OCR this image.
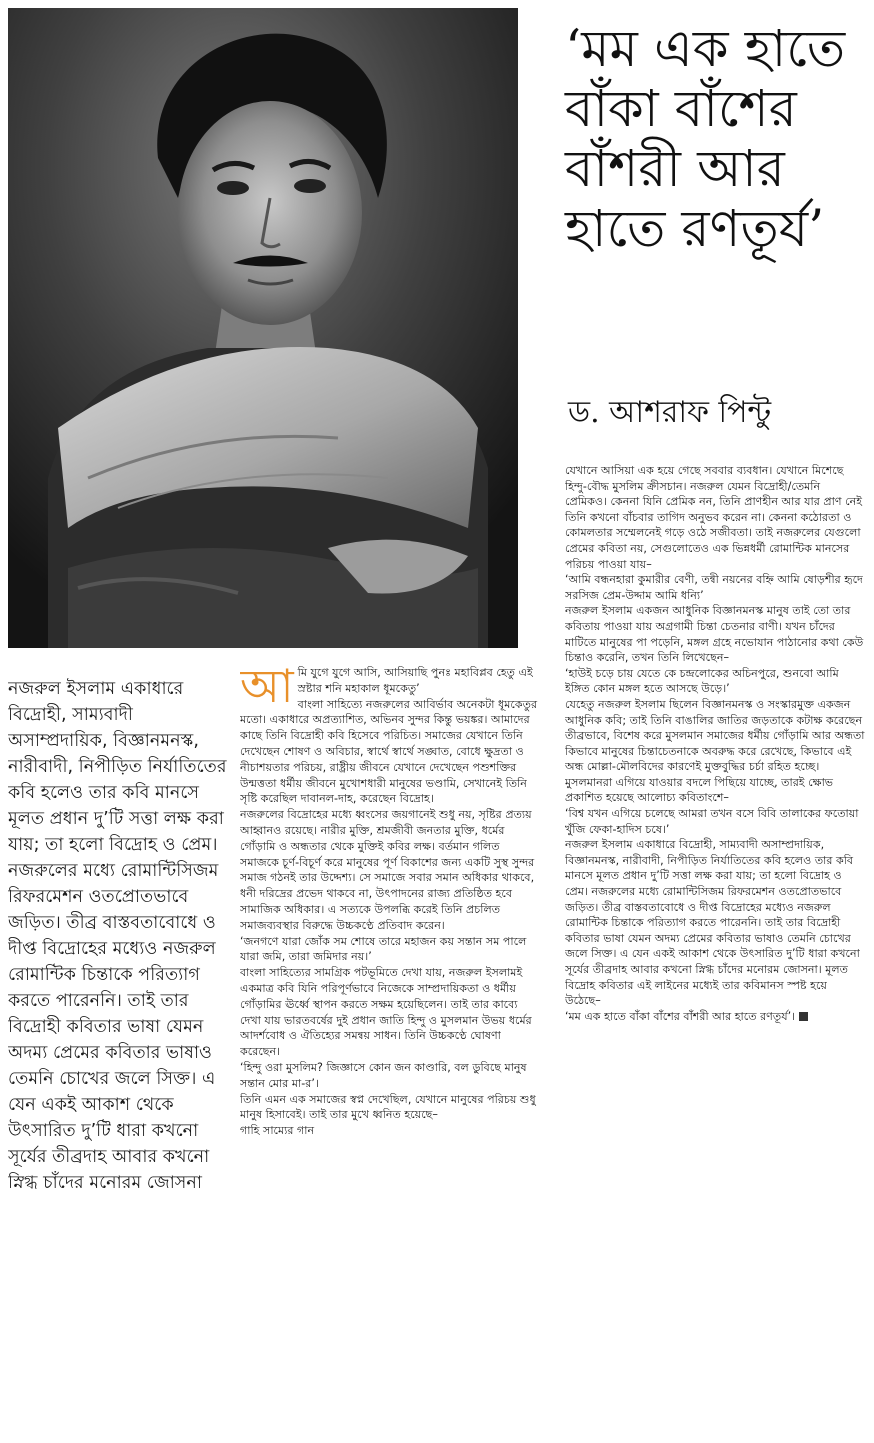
‘মম এক হাতে বাঁকা বাঁশের বাঁশরী আর হাতে রণতূর্য’
ড. আশরাফ পিন্টু

নজরুল ইসলাম একাধারে বিদ্রোহী, সাম্যবাদী অসাম্প্রদায়িক, বিজ্ঞানমনস্ক, নারীবাদী, নিপীড়িত নির্যাতিতের কবি হলেও তার কবি মানসে মূলত প্রধান দু’টি সত্তা লক্ষ করা যায়; তা হলো বিদ্রোহ ও প্রেম। নজরুলের মধ্যে রোমান্টিসিজম রিফরমেশন ওতপ্রোতভাবে জড়িত। তীব্র বাস্তবতাবোধে ও দীপ্ত বিদ্রোহের মধ্যেও নজরুল রোমান্টিক চিন্তাকে পরিত্যাগ করতে পারেননি। তাই তার বিদ্রোহী কবিতার ভাষা যেমন অদম্য প্রেমের কবিতার ভাষাও তেমনি চোখের জলে সিক্ত। এ যেন একই আকাশ থেকে উৎসারিত দু’টি ধারা কখনো সূর্যের তীব্রদাহ আবার কখনো স্নিগ্ধ চাঁদের মনোরম জোসনা

আ মি যুগে যুগে আসি, আসিয়াছি পুনঃ মহাবিপ্লব হেতু এই স্রষ্টার শনি মহাকাল ধূমকেতু’

বাংলা সাহিত্যে নজরুলের আবির্ভাব অনেকটা ধূমকেতুর মতো। একাধারে অপ্রত্যাশিত, অভিনব সুন্দর কিন্তু ভয়ঙ্কর। আমাদের কাছে তিনি বিদ্রোহী কবি হিসেবে পরিচিত। সমাজের যেখানে তিনি দেখেছেন শোষণ ও অবিচার, স্বার্থে স্বার্থে সঙ্ঘাত, বোধে ক্ষুদ্রতা ও নীচাশয়তার পরিচয়, রাষ্ট্রীয় জীবনে যেখানে দেখেছেন পশুশক্তির উন্মত্ততা ধর্মীয় জীবনে মুখোশধারী মানুষের ভণ্ডামি, সেখানেই তিনি সৃষ্টি করেছিল দাবানল-দাহ, করেছেন বিদ্রোহ।

নজরুলের বিদ্রোহের মধ্যে ধ্বংসের জয়গানেই শুধু নয়, সৃষ্টির প্রত্যয় আহ্বানও রয়েছে। নারীর মুক্তি, শ্রমজীবী জনতার মুক্তি, ধর্মের গোঁড়ামি ও অন্ধতার থেকে মুক্তিই কবির লক্ষ। বর্তমান গলিত সমাজকে চূর্ণ-বিচূর্ণ করে মানুষের পূর্ণ বিকাশের জন্য একটি সুস্থ সুন্দর সমাজ গঠনই তার উদ্দেশ্য। সে সমাজে সবার সমান অধিকার থাকবে, ধনী দরিদ্রের প্রভেদ থাকবে না, উৎপাদনের রাজ্য প্রতিষ্ঠিত হবে সামাজিক অধিকার। এ সত্যকে উপলব্ধি করেই তিনি প্রচলিত সমাজব্যবস্থার বিরুদ্ধে উচ্চকণ্ঠে প্রতিবাদ করেন।

‘জনগণে যারা জোঁক সম শোষে তারে মহাজন কয় সন্তান সম পালে যারা জমি, তারা জমিদার নয়।’

বাংলা সাহিত্যের সামগ্রিক পটভূমিতে দেখা যায়, নজরুল ইসলামই একমাত্র কবি যিনি পরিপূর্ণভাবে নিজেকে সাম্প্রদায়িকতা ও ধর্মীয় গোঁড়ামির ঊর্ধ্বে স্থাপন করতে সক্ষম হয়েছিলেন। তাই তার কাব্যে দেখা যায় ভারতবর্ষের দুই প্রধান জাতি হিন্দু ও মুসলমান উভয় ধর্মের আদর্শবোধ ও ঐতিহ্যের সমন্বয় সাধন। তিনি উচ্চকণ্ঠে ঘোষণা করেছেন।

‘হিন্দু ওরা মুসলিম? জিজ্ঞাসে কোন জন কাণ্ডারি, বল ডুবিছে মানুষ সন্তান মোর মা-র’।

তিনি এমন এক সমাজের স্বপ্ন দেখেছিল, যেখানে মানুষের পরিচয় শুধু মানুষ হিসাবেই। তাই তার মুখে ধ্বনিত হয়েছে–

গাহি সাম্যের গান

যেখানে আসিয়া এক হয়ে গেছে সববার ব্যবধান। যেখানে মিশেছে হিন্দু-বৌদ্ধ মুসলিম ক্রীসচান। নজরুল যেমন বিদ্রোহী/তেমনি প্রেমিকও। কেননা যিনি প্রেমিক নন, তিনি প্রাণহীন আর যার প্রাণ নেই তিনি কখনো বাঁচবার তাগিদ অনুভব করেন না। কেননা কঠোরতা ও কোমলতার সম্মেলনেই গড়ে ওঠে সজীবতা। তাই নজরুলের যেগুলো প্রেমের কবিতা নয়, সেগুলোতেও এক ভিন্নধর্মী রোমান্টিক মানসের পরিচয় পাওয়া যায়–

‘আমি বন্ধনহারা কুমারীর বেণী, তন্বী নয়নের বহ্নি আমি ষোড়শীর হৃদে সরসিজ প্রেম-উদ্দাম আমি ধন্যি’

নজরুল ইসলাম একজন আধুনিক বিজ্ঞানমনস্ক মানুষ তাই তো তার কবিতায় পাওয়া যায় অগ্রগামী চিন্তা চেতনার বাণী। যখন চাঁদের মাটিতে মানুষের পা পড়েনি, মঙ্গল গ্রহে নভোযান পাঠানোর কথা কেউ চিন্তাও করেনি, তখন তিনি লিখেছেন–

‘হাউই চড়ে চায় যেতে কে চন্দ্রলোকের অচিনপুরে, শুনবো আমি ইঙ্গিত কোন মঙ্গল হতে আসছে উড়ে।’

যেহেতু নজরুল ইসলাম ছিলেন বিজ্ঞানমনস্ক ও সংস্কারমুক্ত একজন আধুনিক কবি; তাই তিনি বাঙালির জাতির জড়তাকে কটাক্ষ করেছেন তীব্রভাবে, বিশেষ করে মুসলমান সমাজের ধর্মীয় গোঁড়ামি আর অন্ধতা কিভাবে মানুষের চিন্তাচেতনাকে অবরুদ্ধ করে রেখেছে, কিভাবে এই অন্ধ মোল্লা-মৌলবিদের কারণেই মুক্তবুদ্ধির চর্চা রহিত হচ্ছে। মুসলমানরা এগিয়ে যাওয়ার বদলে পিছিয়ে যাচ্ছে, তারই ক্ষোভ প্রকাশিত হয়েছে আলোচ্য কবিতাংশে–

‘বিশ্ব যখন এগিয়ে চলেছে আমরা তখন বসে বিবি তালাকের ফতোয়া খুঁজি ফেকা-হাদিস চষে।’

নজরুল ইসলাম একাধারে বিদ্রোহী, সাম্যবাদী অসাম্প্রদায়িক, বিজ্ঞানমনস্ক, নারীবাদী, নিপীড়িত নির্যাতিতের কবি হলেও তার কবি মানসে মূলত প্রধান দু’টি সত্তা লক্ষ করা যায়; তা হলো বিদ্রোহ ও প্রেম। নজরুলের মধ্যে রোমান্টিসিজম রিফরমেশন ওতপ্রোতভাবে জড়িত। তীব্র বাস্তবতাবোধে ও দীপ্ত বিদ্রোহের মধ্যেও নজরুল রোমান্টিক চিন্তাকে পরিত্যাগ করতে পারেননি। তাই তার বিদ্রোহী কবিতার ভাষা যেমন অদম্য প্রেমের কবিতার ভাষাও তেমনি চোখের জলে সিক্ত। এ যেন একই আকাশ থেকে উৎসারিত দু’টি ধারা কখনো সূর্যের তীব্রদাহ আবার কখনো স্নিগ্ধ চাঁদের মনোরম জোসনা। মূলত বিদ্রোহ কবিতার এই লাইনের মধ্যেই তার কবিমানস স্পষ্ট হয়ে উঠেছে–

‘মম এক হাতে বাঁকা বাঁশের বাঁশরী আর হাতে রণতূর্য’।
